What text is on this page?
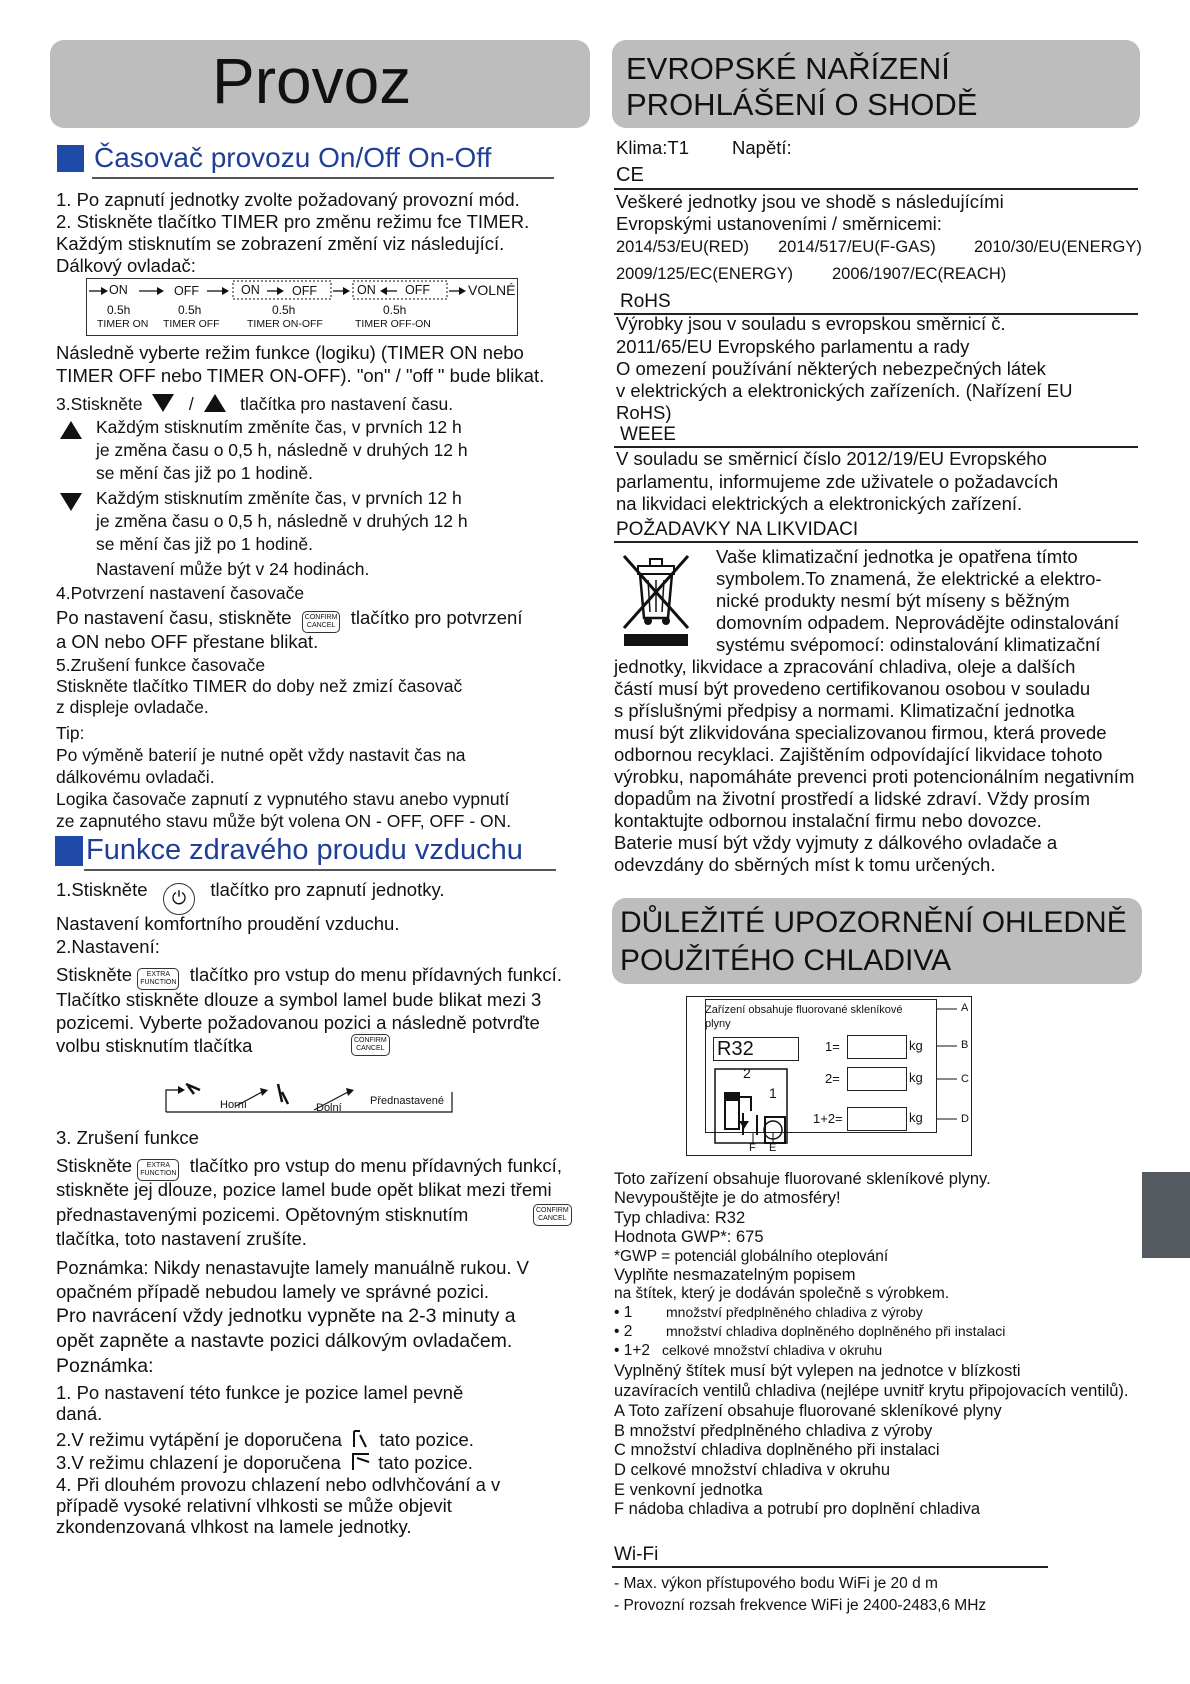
Provoz
Časovač provozu On/Off On-Off
1. Po zapnutí jednotky zvolte požadovaný provozní mód.
2. Stiskněte tlačítko TIMER pro změnu režimu fce TIMER.
Každým stisknutím se zobrazení změní viz následující.
Dálkový ovladač:
ON	OFF	ON	OFF	ON OFF	VOLNÉ
0.5h	0.5h	0.5h	0.5h
TIMER ON TIMER OFF	TIMER ON-OFF	TIMER OFF-ON
Následně vyberte režim funkce (logiku) (TIMER ON nebo
TIMER OFF nebo TIMER ON-OFF). "on" / "off " bude blikat.
3.Stiskněte	/	tlačítka pro nastavení času.
Každým stisknutím změníte čas, v prvních 12 h
je změna času o 0,5 h, následně v druhých 12 h
se mění čas již po 1 hodině.
Každým stisknutím změníte čas, v prvních 12 h
je změna času o 0,5 h, následně v druhých 12 h
se mění čas již po 1 hodině.
Nastavení může být v 24 hodinách.
4.Potvrzení nastavení časovače
Po nastavení času, stiskněte CONFIRM
CANCEL tlačítko pro potvrzení
a ON nebo OFF přestane blikat.
5.Zrušení funkce časovače
Stiskněte tlačítko TIMER do doby než zmizí časovač
z displeje ovladače.
Tip:
Po výměně baterií je nutné opět vždy nastavit čas na
dálkovému ovladači.
Logika časovače zapnutí z vypnutého stavu anebo vypnutí
ze zapnutého stavu může být volena ON - OFF, OFF - ON.
Funkce zdravého proudu vzduchu
1.Stiskněte ⏻ tlačítko pro zapnutí jednotky.
Nastavení komfortního proudění vzduchu.
2.Nastavení:
Stiskněte EXTRA
FUNCTION tlačítko pro vstup do menu přídavných funkcí.
Tlačítko stiskněte dlouze a symbol lamel bude blikat mezi 3
pozicemi. Vyberte požadovanou pozici a následně potvrďte
volbu stisknutím tlačítka	CONFIRM
CANCEL
Horní	Dolní
Přednastavené
3. Zrušení funkce
Stiskněte EXTRA
FUNCTION tlačítko pro vstup do menu přídavných funkcí,
stiskněte jej dlouze, pozice lamel bude opět blikat mezi třemi
přednastavenými pozicemi. Opětovným stisknutím	CONFIRM
CANCEL
tlačítka, toto nastavení zrušíte.
Poznámka: Nikdy nenastavujte lamely manuálně rukou. V
opačném případě nebudou lamely ve správné pozici.
Pro navrácení vždy jednotku vypněte na 2-3 minuty a
opět zapněte a nastavte pozici dálkovým ovladačem.
Poznámka:
1. Po nastavení této funkce je pozice lamel pevně
daná.
2.V režimu vytápění je doporučena tato pozice.
3.V režimu chlazení je doporučena tato pozice.
4. Při dlouhém provozu chlazení nebo odlvhčování a v
případě vysoké relativní vlhkosti se může objevit
zkondenzovaná vlhkost na lamele jednotky.
EVROPSKÉ NAŘÍZENÍ
PROHLÁŠENÍ O SHODĚ
Klima:T1 Napětí:
CE
Veškeré jednotky jsou ve shodě s následujícími
Evropskými ustanoveními / směrnicemi:
2014/53/EU(RED) 2014/517/EU(F-GAS) 2010/30/EU(ENERGY)
2009/125/EC(ENERGY) 2006/1907/EC(REACH)
RoHS
Výrobky jsou v souladu s evropskou směrnicí č.
2011/65/EU Evropského parlamentu a rady
O omezení používání některých nebezpečných látek
v elektrických a elektronických zařízeních. (Nařízení EU
RoHS)
WEEE
V souladu se směrnicí číslo 2012/19/EU Evropského
parlamentu, informujeme zde uživatele o požadavcích
na likvidaci elektrických a elektronických zařízení.
POŽADAVKY NA LIKVIDACI
Vaše klimatizační jednotka je opatřena tímto
symbolem.To znamená, že elektrické a elektro-
nické produkty nesmí být míseny s běžným
domovním odpadem. Neprovádějte odinstalování
systému svépomocí: odinstalování klimatizační
jednotky, likvidace a zpracování chladiva, oleje a dalších
částí musí být provedeno certifikovanou osobou v souladu
s příslušnými předpisy a normami. Klimatizační jednotka
musí být zlikvidována specializovanou firmou, která provede
odbornou recyklaci. Zajištěním odpovídající likvidace tohoto
výrobku, napomáháte prevenci proti potencionálním negativním
dopadům na životní prostředí a lidské zdraví. Vždy prosím
kontaktujte odbornou instalační firmu nebo dovozce.
Baterie musí být vždy vyjmuty z dálkového ovladače a
odevzdány do sběrných míst k tomu určených.
DŮLEŽITÉ UPOZORNĚNÍ OHLEDNĚ
POUŽITÉHO CHLADIVA
Zařízení obsahuje fluorované skleníkové
plyny
R32
2
1
1=	kg
2=	kg
1+2=	kg
A
B
C
D
F E
Toto zařízení obsahuje fluorované skleníkové plyny.
Nevypouštějte je do atmosféry!
Typ chladiva: R32
Hodnota GWP*: 675
*GWP = potenciál globálního oteplování
Vyplňte nesmazatelným popisem
na štítek, který je dodáván společně s výrobkem.
• 1 množství předplněného chladiva z výroby
• 2 množství chladiva doplněného doplněného při instalaci
• 1+2 celkové množství chladiva v okruhu
Vyplněný štítek musí být vylepen na jednotce v blízkosti
uzavíracích ventilů chladiva (nejlépe uvnitř krytu připojovacích ventilů).
A Toto zařízení obsahuje fluorované skleníkové plyny
B množství předplněného chladiva z výroby
C množství chladiva doplněného při instalaci
D celkové množství chladiva v okruhu
E venkovní jednotka
F nádoba chladiva a potrubí pro doplnění chladiva
Wi-Fi
- Max. výkon přístupového bodu WiFi je 20 d m
- Provozní rozsah frekvence WiFi je 2400-2483,6 MHz
